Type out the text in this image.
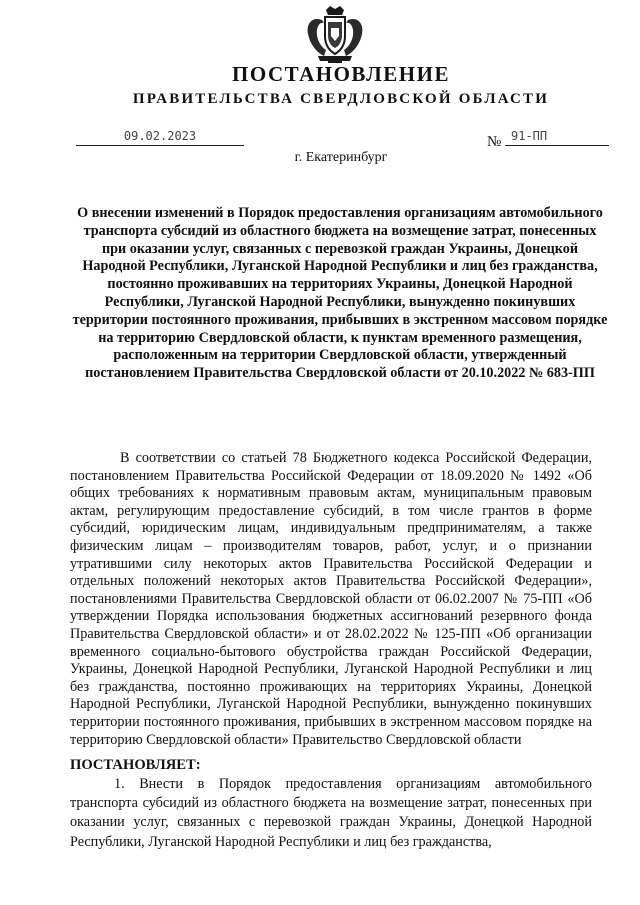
ПОСТАНОВЛЕНИЕ
ПРАВИТЕЛЬСТВА СВЕРДЛОВСКОЙ ОБЛАСТИ
09.02.2023	№ 91-ПП
г. Екатеринбург
О внесении изменений в Порядок предоставления организациям автомобильного транспорта субсидий из областного бюджета на возмещение затрат, понесенных при оказании услуг, связанных с перевозкой граждан Украины, Донецкой Народной Республики, Луганской Народной Республики и лиц без гражданства, постоянно проживавших на территориях Украины, Донецкой Народной Республики, Луганской Народной Республики, вынужденно покинувших территории постоянного проживания, прибывших в экстренном массовом порядке на территорию Свердловской области, к пунктам временного размещения, расположенным на территории Свердловской области, утвержденный постановлением Правительства Свердловской области от 20.10.2022 № 683-ПП

В соответствии со статьей 78 Бюджетного кодекса Российской Федерации, постановлением Правительства Российской Федерации от 18.09.2020 № 1492 «Об общих требованиях к нормативным правовым актам, муниципальным правовым актам, регулирующим предоставление субсидий, в том числе грантов в форме субсидий, юридическим лицам, индивидуальным предпринимателям, а также физическим лицам – производителям товаров, работ, услуг, и о признании утратившими силу некоторых актов Правительства Российской Федерации и отдельных положений некоторых актов Правительства Российской Федерации», постановлениями Правительства Свердловской области от 06.02.2007 № 75-ПП «Об утверждении Порядка использования бюджетных ассигнований резервного фонда Правительства Свердловской области» и от 28.02.2022 № 125-ПП «Об организации временного социально-бытового обустройства граждан Российской Федерации, Украины, Донецкой Народной Республики, Луганской Народной Республики и лиц без гражданства, постоянно проживающих на территориях Украины, Донецкой Народной Республики, Луганской Народной Республики, вынужденно покинувших территории постоянного проживания, прибывших в экстренном массовом порядке на территорию Свердловской области» Правительство Свердловской области

ПОСТАНОВЛЯЕТ:

1. Внести в Порядок предоставления организациям автомобильного транспорта субсидий из областного бюджета на возмещение затрат, понесенных при оказании услуг, связанных с перевозкой граждан Украины, Донецкой Народной Республики, Луганской Народной Республики и лиц без гражданства,
